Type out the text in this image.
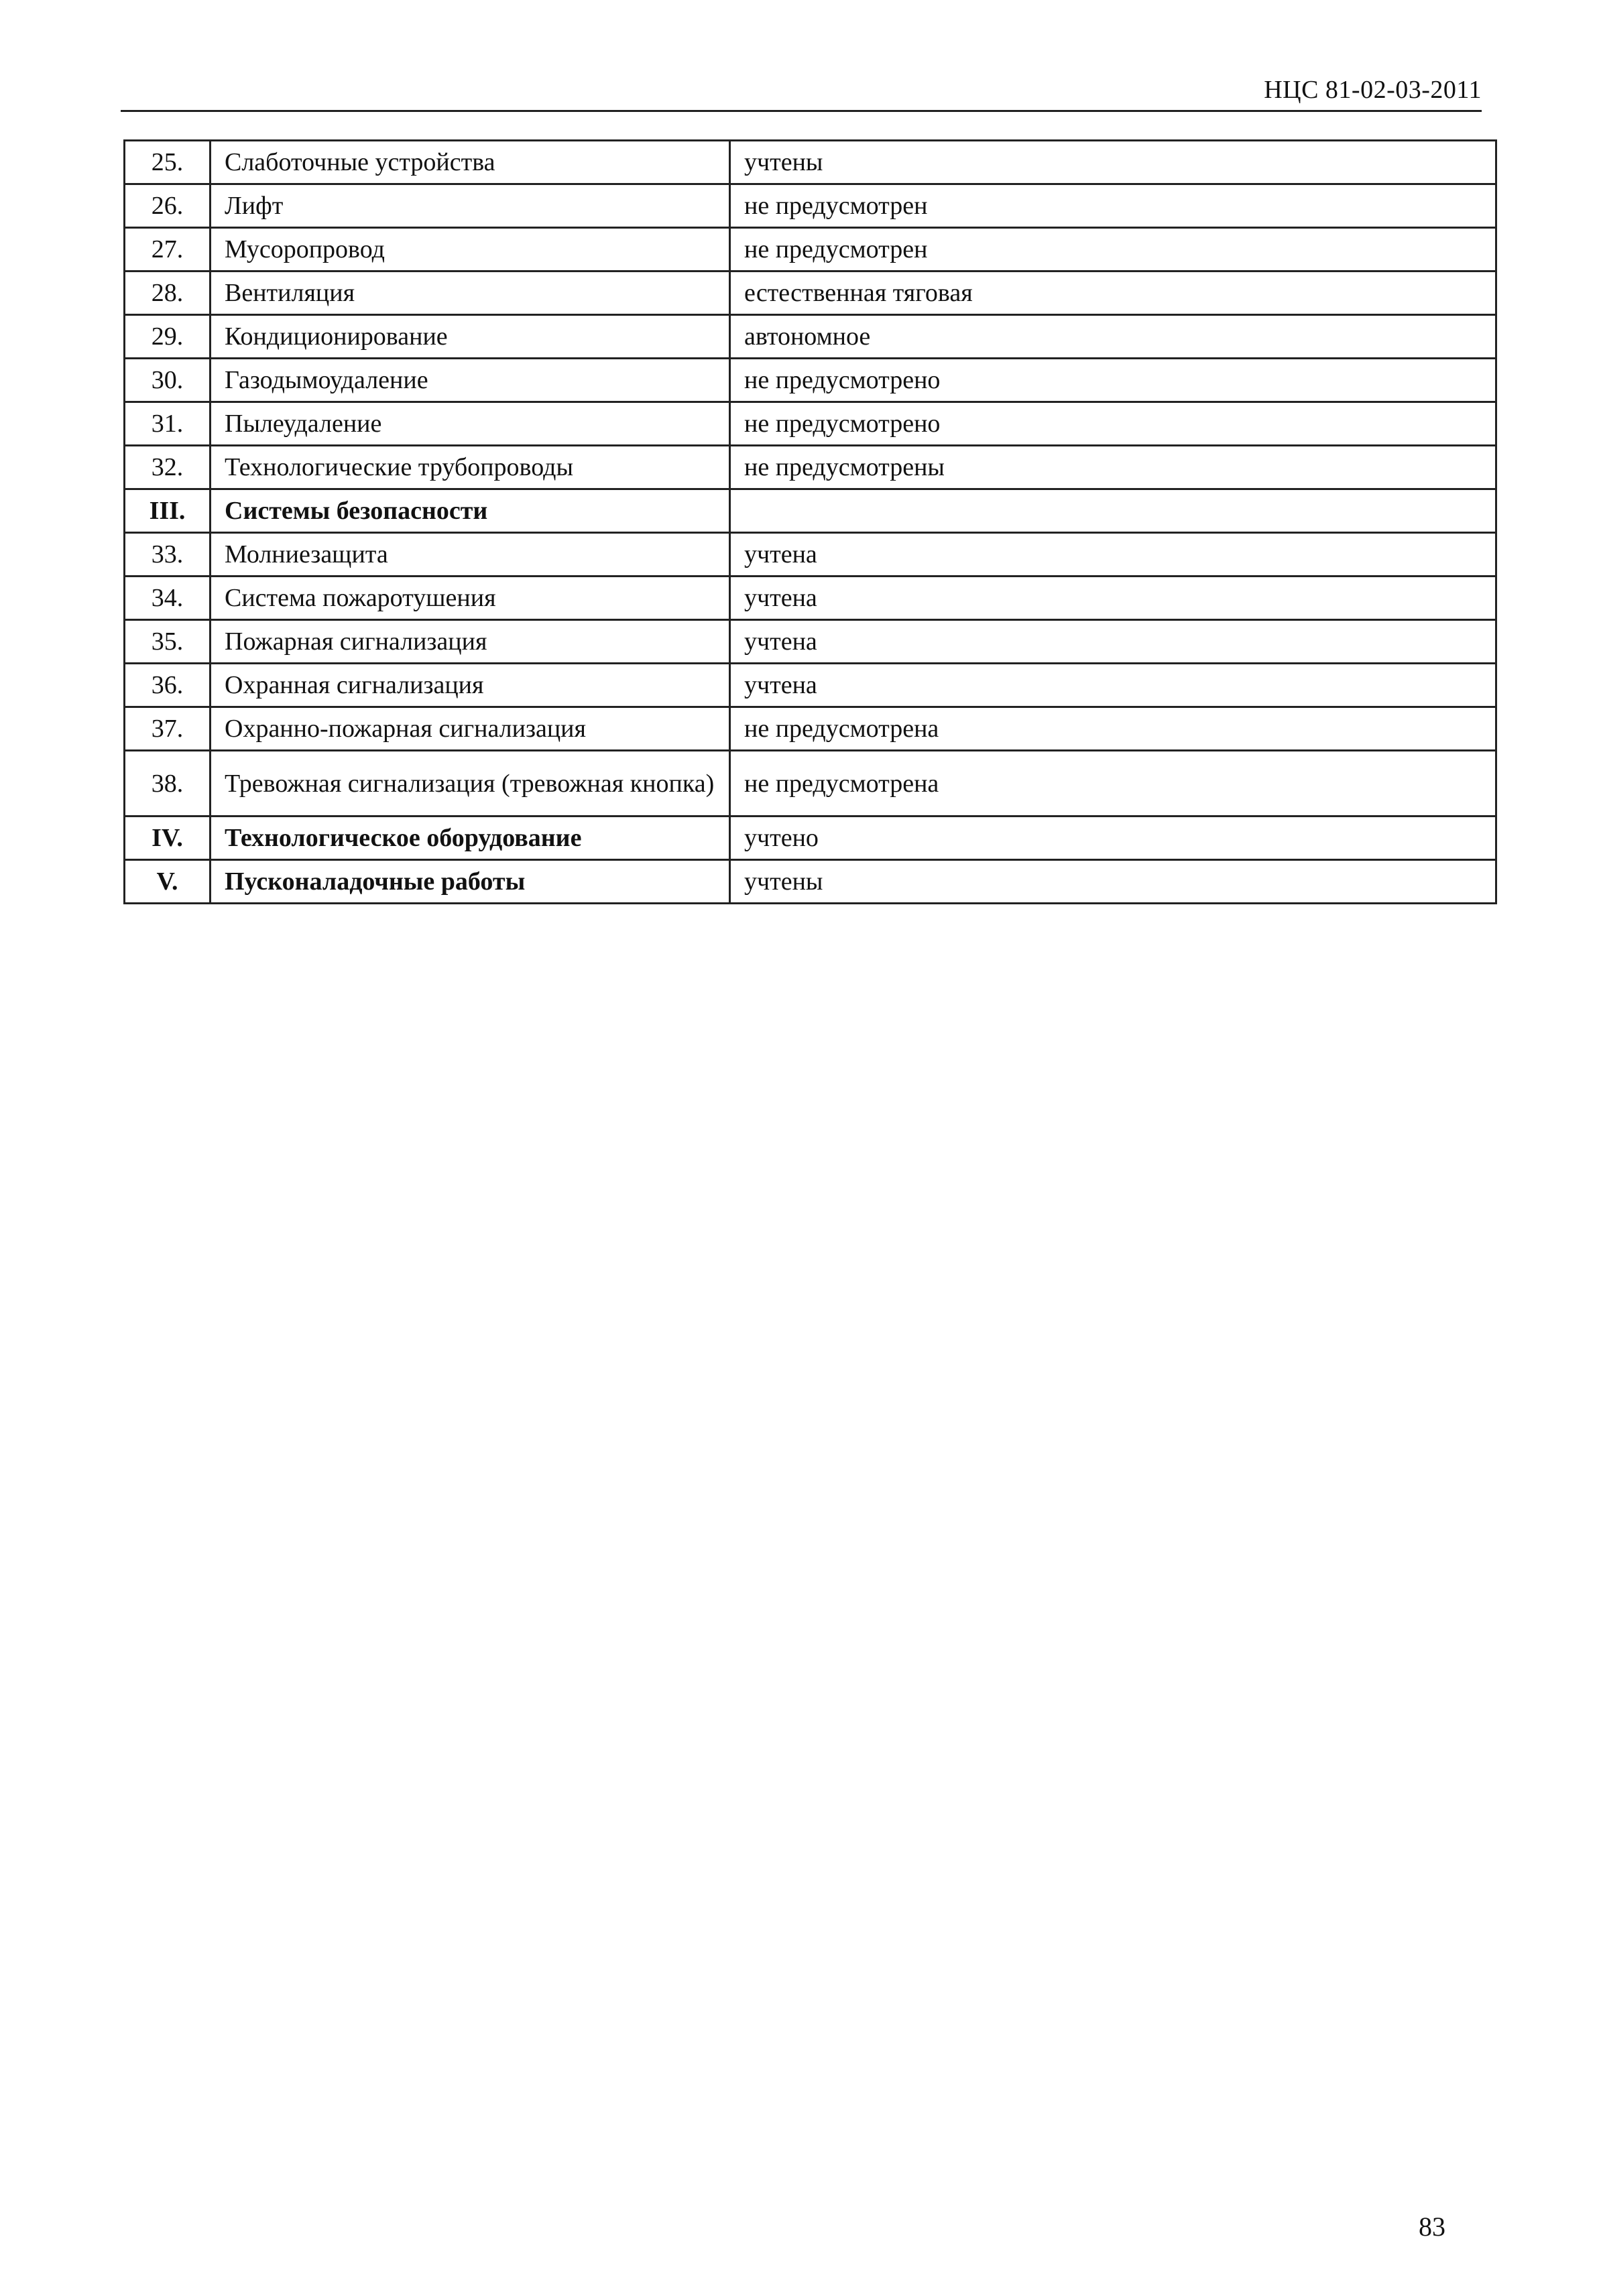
НЦС 81-02-03-2011
25.	Слаботочные устройства	учтены
26.	Лифт	не предусмотрен
27.	Мусоропровод	не предусмотрен
28.	Вентиляция	естественная тяговая
29.	Кондиционирование	автономное
30.	Газодымоудаление	не предусмотрено
31.	Пылеудаление	не предусмотрено
32.	Технологические трубопроводы	не предусмотрены
III.	Системы безопасности	
33.	Молниезащита	учтена
34.	Система пожаротушения	учтена
35.	Пожарная сигнализация	учтена
36.	Охранная сигнализация	учтена
37.	Охранно-пожарная сигнализация	не предусмотрена
38.	Тревожная сигнализация (тревожная кнопка)	не предусмотрена
IV.	Технологическое оборудование	учтено
V.	Пусконаладочные работы	учтены
83
